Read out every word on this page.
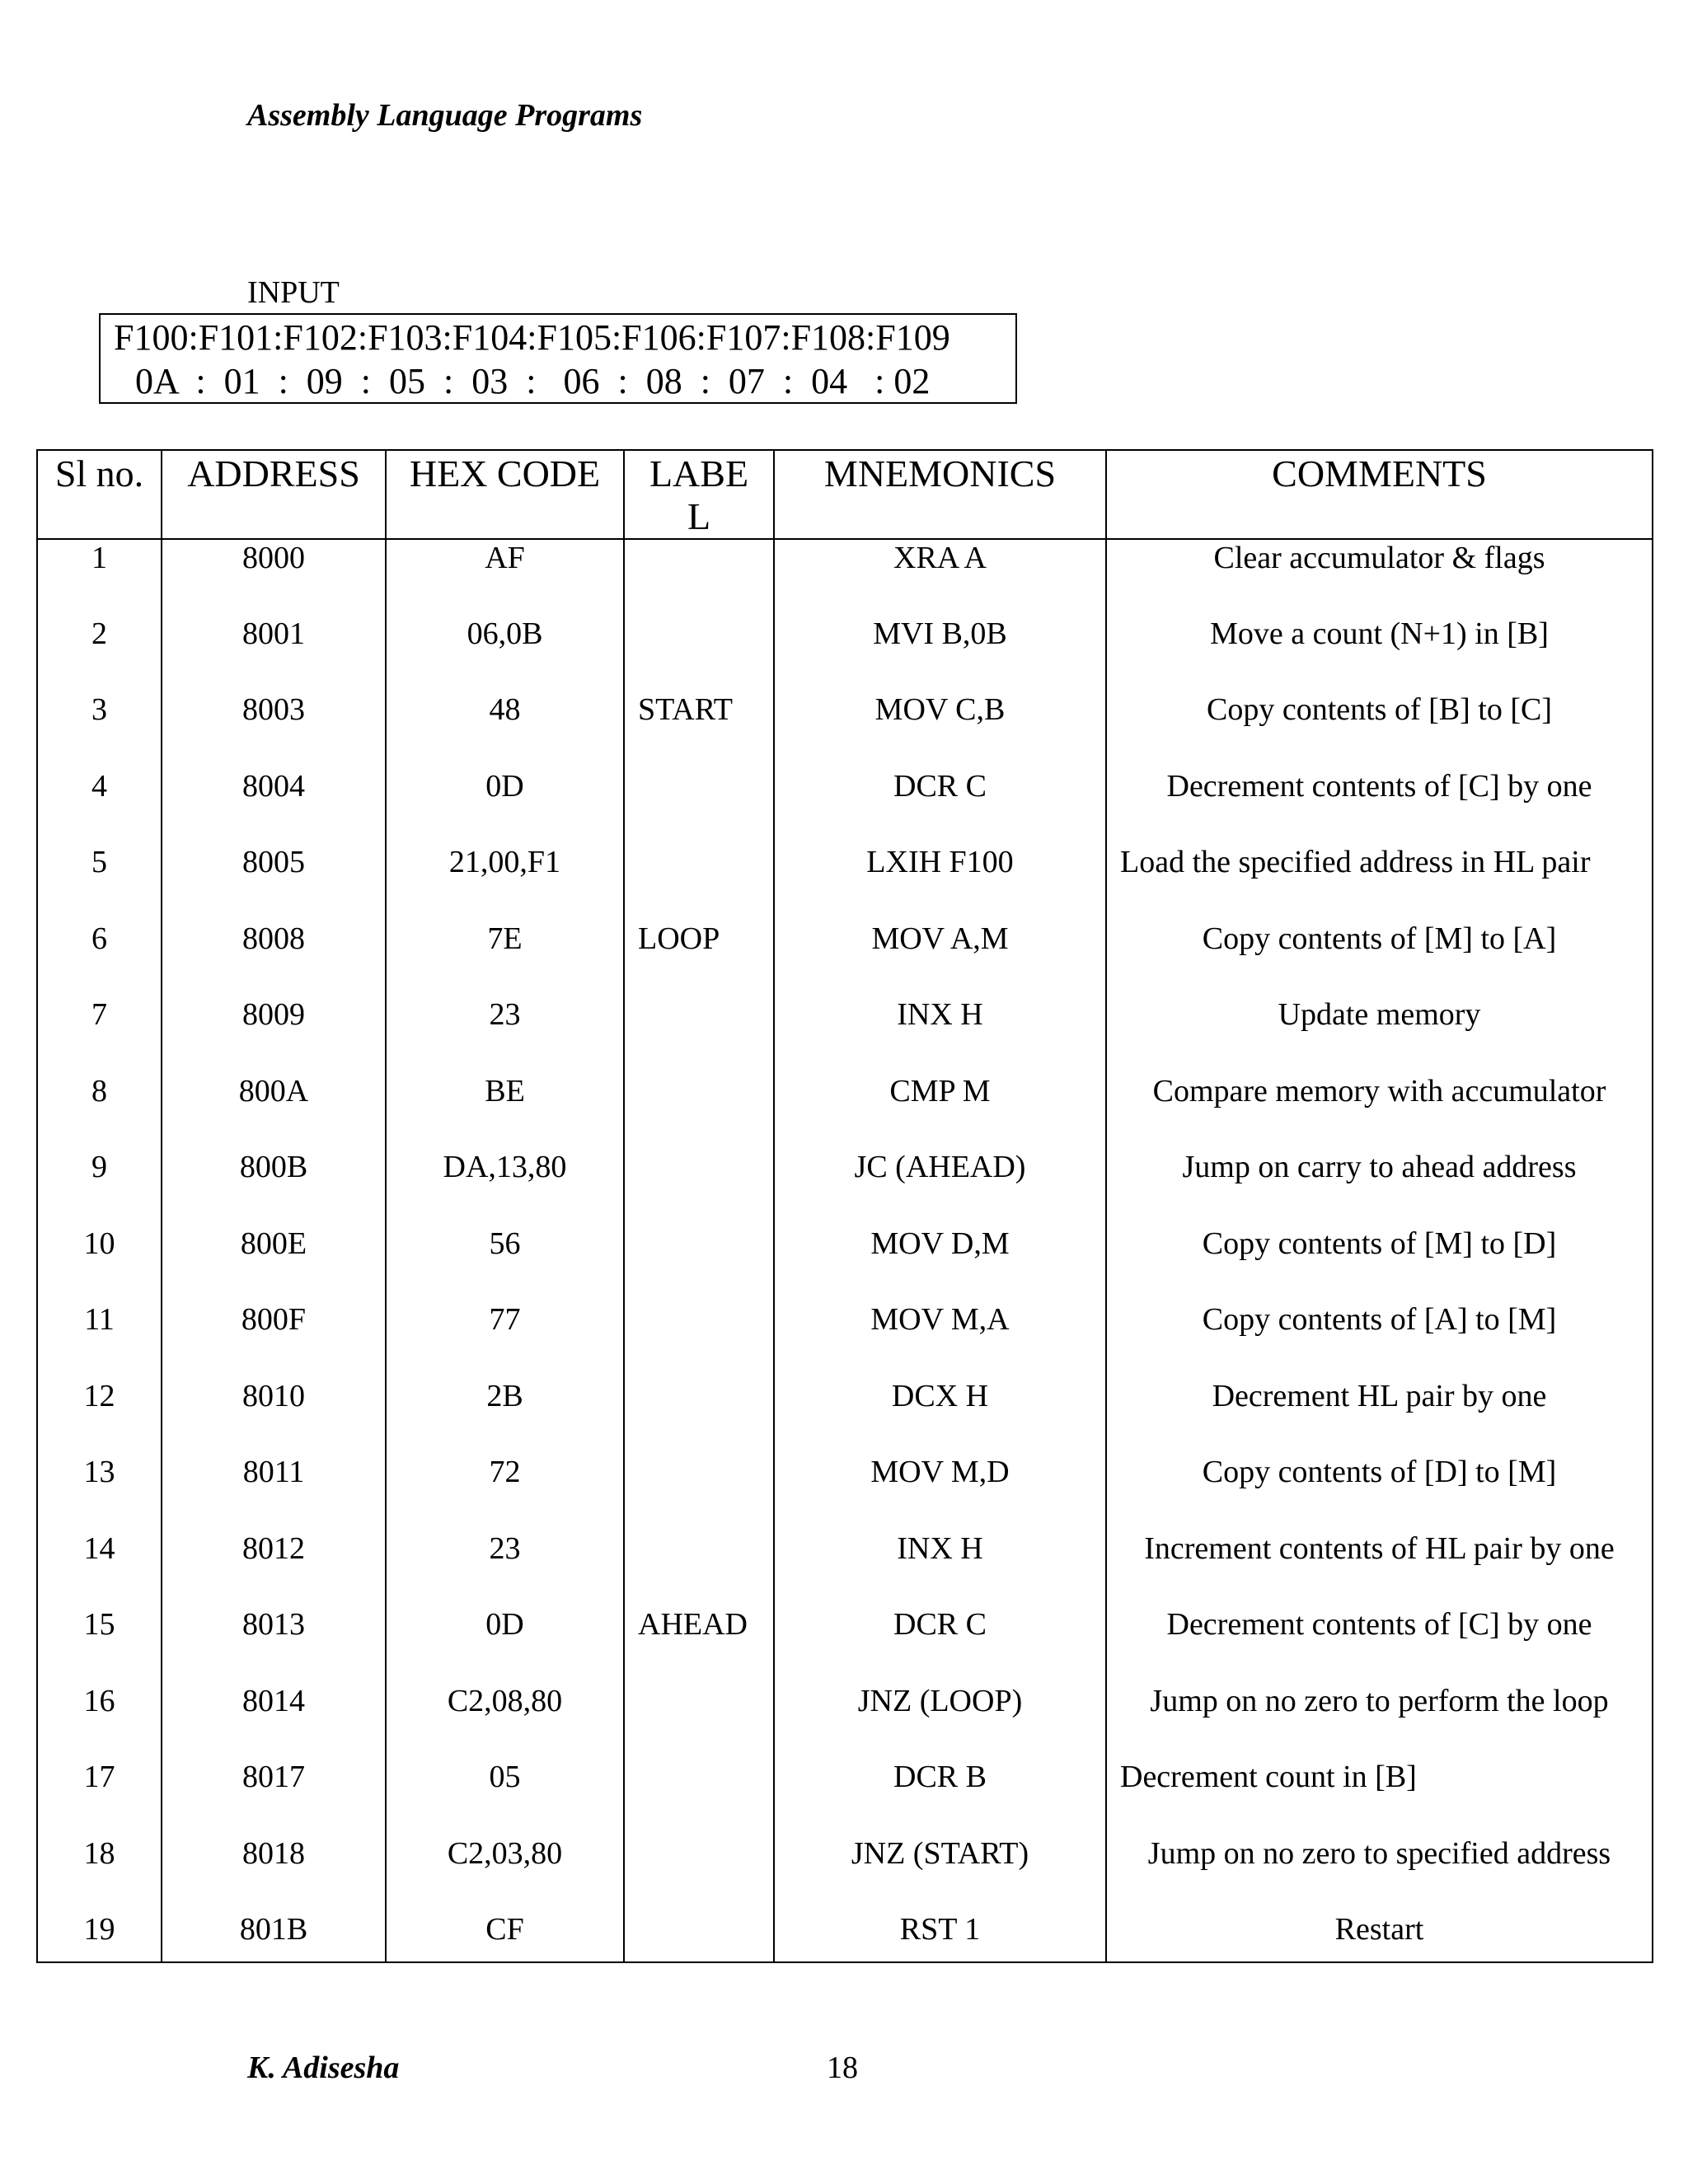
Assembly Language Programs
INPUT
F100:F101:F102:F103:F104:F105:F106:F107:F108:F109
0A  :  01  :  09  :  05  :  03  :   06  :  08  :  07  :  04   : 02
Sl no.	ADDRESS	HEX CODE	LABE L	MNEMONICS	COMMENTS
1	8000	AF		XRA A	Clear accumulator & flags
2	8001	06,0B		MVI B,0B	Move a count (N+1) in [B]
3	8003	48	START	MOV C,B	Copy contents of [B] to [C]
4	8004	0D		DCR C	Decrement contents of [C] by one
5	8005	21,00,F1		LXIH F100	Load the specified address in HL pair
6	8008	7E	LOOP	MOV A,M	Copy contents of [M] to [A]
7	8009	23		INX H	Update memory
8	800A	BE		CMP M	Compare memory with accumulator
9	800B	DA,13,80		JC (AHEAD)	Jump on carry to ahead address
10	800E	56		MOV D,M	Copy contents of [M] to [D]
11	800F	77		MOV M,A	Copy contents of [A] to [M]
12	8010	2B		DCX H	Decrement HL pair by one
13	8011	72		MOV M,D	Copy contents of [D] to [M]
14	8012	23		INX H	Increment contents of HL pair by one
15	8013	0D	AHEAD	DCR C	Decrement contents of [C] by one
16	8014	C2,08,80		JNZ (LOOP)	Jump on no zero to perform the loop
17	8017	05		DCR B	Decrement count in [B]
18	8018	C2,03,80		JNZ (START)	Jump on no zero to specified address
19	801B	CF		RST 1	Restart
K. Adisesha	18
